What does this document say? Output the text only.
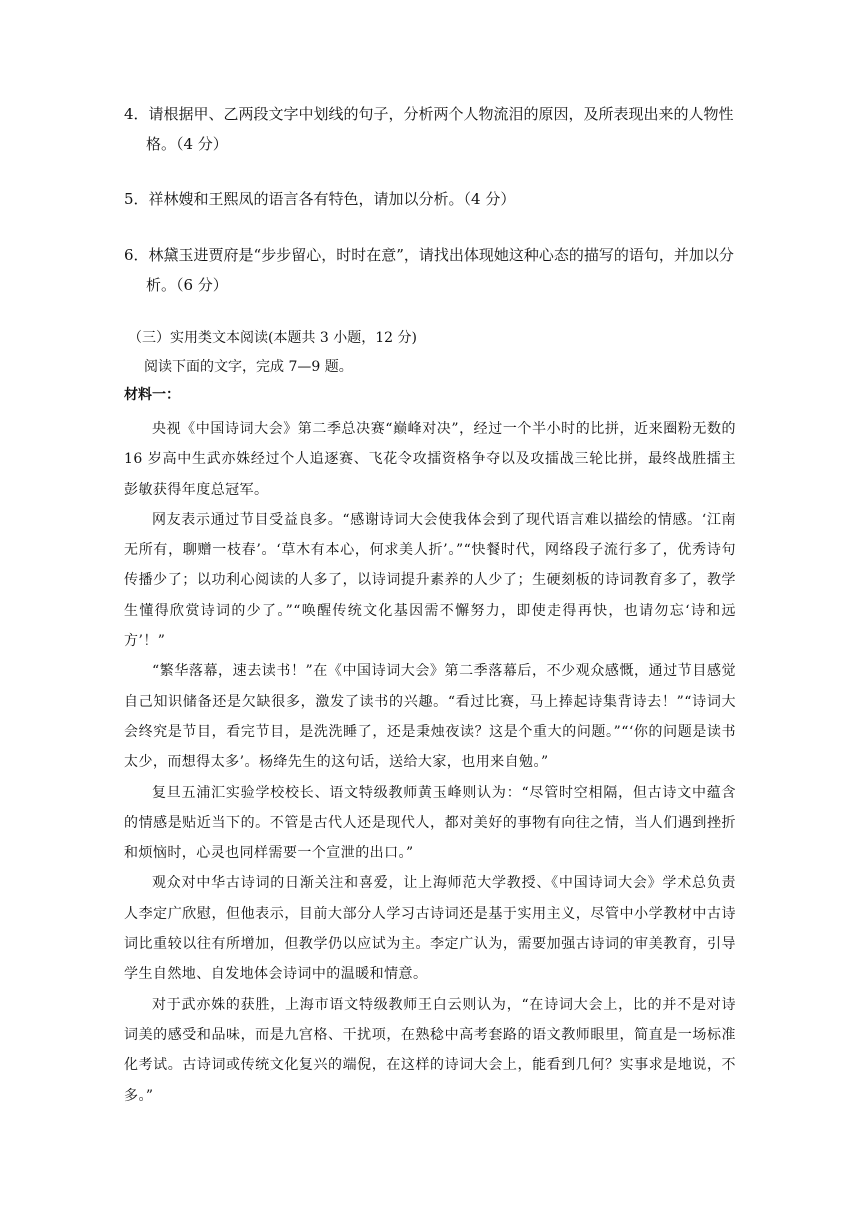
4．请根据甲、乙两段文字中划线的句子，分析两个人物流泪的原因，及所表现出来的人物性
格。（4 分）
5．祥林嫂和王熙凤的语言各有特色，请加以分析。（4 分）
6．林黛玉进贾府是“步步留心，时时在意”，请找出体现她这种心态的描写的语句，并加以分
析。（6 分）
（三）实用类文本阅读(本题共 3 小题，12 分)
阅读下面的文字，完成 7—9 题。
材料一：

央视《中国诗词大会》第二季总决赛“巅峰对决”，经过一个半小时的比拼，近来圈粉无数的 16 岁高中生武亦姝经过个人追逐赛、飞花令攻擂资格争夺以及攻擂战三轮比拼，最终战胜擂主彭敏获得年度总冠军。

网友表示通过节目受益良多。“感谢诗词大会使我体会到了现代语言难以描绘的情感。‘江南无所有，聊赠一枝春’。‘草木有本心，何求美人折’。”“快餐时代，网络段子流行多了，优秀诗句传播少了；以功利心阅读的人多了，以诗词提升素养的人少了；生硬刻板的诗词教育多了，教学生懂得欣赏诗词的少了。”“唤醒传统文化基因需不懈努力，即使走得再快，也请勿忘‘诗和远方’！”

“繁华落幕，速去读书！”在《中国诗词大会》第二季落幕后，不少观众感慨，通过节目感觉自己知识储备还是欠缺很多，激发了读书的兴趣。“看过比赛，马上捧起诗集背诗去！”“诗词大会终究是节目，看完节目，是洗洗睡了，还是秉烛夜读？这是个重大的问题。”“‘你的问题是读书太少，而想得太多’。杨绛先生的这句话，送给大家，也用来自勉。”

复旦五浦汇实验学校校长、语文特级教师黄玉峰则认为：“尽管时空相隔，但古诗文中蕴含的情感是贴近当下的。不管是古代人还是现代人，都对美好的事物有向往之情，当人们遇到挫折和烦恼时，心灵也同样需要一个宣泄的出口。”

观众对中华古诗词的日渐关注和喜爱，让上海师范大学教授、《中国诗词大会》学术总负责人李定广欣慰，但他表示，目前大部分人学习古诗词还是基于实用主义，尽管中小学教材中古诗词比重较以往有所增加，但教学仍以应试为主。李定广认为，需要加强古诗词的审美教育，引导学生自然地、自发地体会诗词中的温暖和情意。

对于武亦姝的获胜，上海市语文特级教师王白云则认为，“在诗词大会上，比的并不是对诗词美的感受和品味，而是九宫格、干扰项，在熟稔中高考套路的语文教师眼里，简直是一场标准化考试。古诗词或传统文化复兴的端倪，在这样的诗词大会上，能看到几何？实事求是地说，不多。”
